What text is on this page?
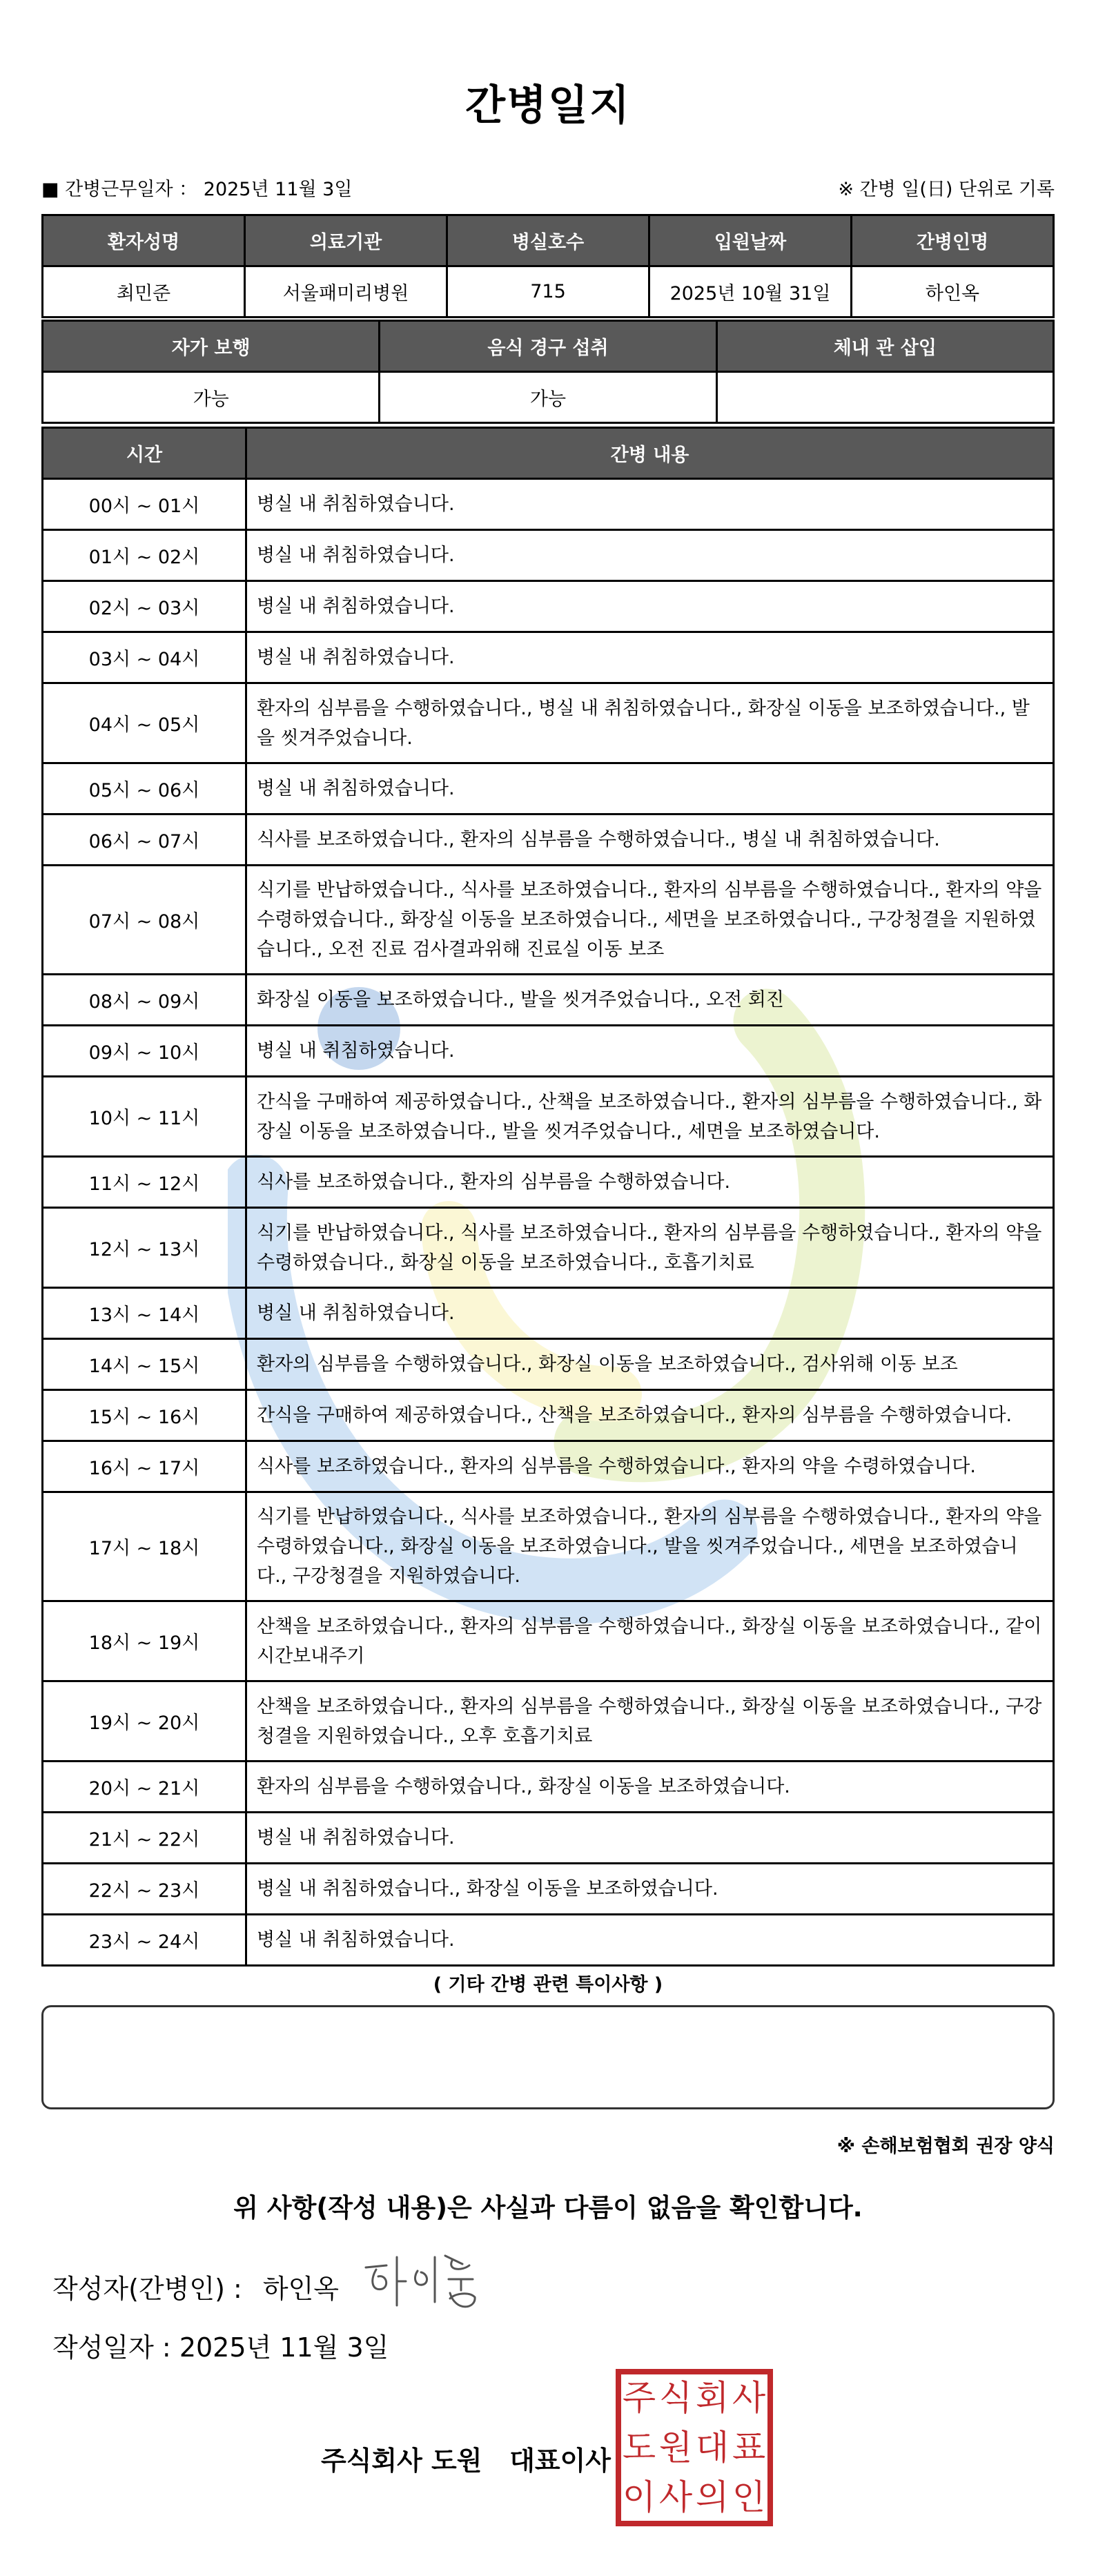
간병일지
■ 간병근무일자 ： 2025년 11월 3일	※ 간병 일(日) 단위로 기록
환자성명	의료기관	병실호수	입원날짜	간병인명
최민준	서울패미리병원	715	2025년 10월 31일	하인옥
자가 보행	음식 경구 섭취	체내 관 삽입
가능	가능	
시간	간병 내용
00시 ~ 01시	병실 내 취침하였습니다.
01시 ~ 02시	병실 내 취침하였습니다.
02시 ~ 03시	병실 내 취침하였습니다.
03시 ~ 04시	병실 내 취침하였습니다.
04시 ~ 05시	환자의 심부름을 수행하였습니다., 병실 내 취침하였습니다., 화장실 이동을 보조하였습니다., 발을 씻겨주었습니다.
05시 ~ 06시	병실 내 취침하였습니다.
06시 ~ 07시	식사를 보조하였습니다., 환자의 심부름을 수행하였습니다., 병실 내 취침하였습니다.
07시 ~ 08시	식기를 반납하였습니다., 식사를 보조하였습니다., 환자의 심부름을 수행하였습니다., 환자의 약을 수령하였습니다., 화장실 이동을 보조하였습니다., 세면을 보조하였습니다., 구강청결을 지원하였습니다., 오전 진료 검사결과위해 진료실 이동 보조
08시 ~ 09시	화장실 이동을 보조하였습니다., 발을 씻겨주었습니다., 오전 회진
09시 ~ 10시	병실 내 취침하였습니다.
10시 ~ 11시	간식을 구매하여 제공하였습니다., 산책을 보조하였습니다., 환자의 심부름을 수행하였습니다., 화장실 이동을 보조하였습니다., 발을 씻겨주었습니다., 세면을 보조하였습니다.
11시 ~ 12시	식사를 보조하였습니다., 환자의 심부름을 수행하였습니다.
12시 ~ 13시	식기를 반납하였습니다., 식사를 보조하였습니다., 환자의 심부름을 수행하였습니다., 환자의 약을 수령하였습니다., 화장실 이동을 보조하였습니다., 호흡기치료
13시 ~ 14시	병실 내 취침하였습니다.
14시 ~ 15시	환자의 심부름을 수행하였습니다., 화장실 이동을 보조하였습니다., 검사위해 이동 보조
15시 ~ 16시	간식을 구매하여 제공하였습니다., 산책을 보조하였습니다., 환자의 심부름을 수행하였습니다.
16시 ~ 17시	식사를 보조하였습니다., 환자의 심부름을 수행하였습니다., 환자의 약을 수령하였습니다.
17시 ~ 18시	식기를 반납하였습니다., 식사를 보조하였습니다., 환자의 심부름을 수행하였습니다., 환자의 약을 수령하였습니다., 화장실 이동을 보조하였습니다., 발을 씻겨주었습니다., 세면을 보조하였습니다., 구강청결을 지원하였습니다.
18시 ~ 19시	산책을 보조하였습니다., 환자의 심부름을 수행하였습니다., 화장실 이동을 보조하였습니다., 같이 시간보내주기
19시 ~ 20시	산책을 보조하였습니다., 환자의 심부름을 수행하였습니다., 화장실 이동을 보조하였습니다., 구강청결을 지원하였습니다., 오후 호흡기치료
20시 ~ 21시	환자의 심부름을 수행하였습니다., 화장실 이동을 보조하였습니다.
21시 ~ 22시	병실 내 취침하였습니다.
22시 ~ 23시	병실 내 취침하였습니다., 화장실 이동을 보조하였습니다.
23시 ~ 24시	병실 내 취침하였습니다.
( 기타 간병 관련 특이사항 )
※ 손해보험협회 권장 양식
위 사항(작성 내용)은 사실과 다름이 없음을 확인합니다.
작성자(간병인) : 하인옥
작성일자 : 2025년 11월 3일
주식회사 도원 대표이사
주 식 회 사
도 원 대 표
이 사 의 인
